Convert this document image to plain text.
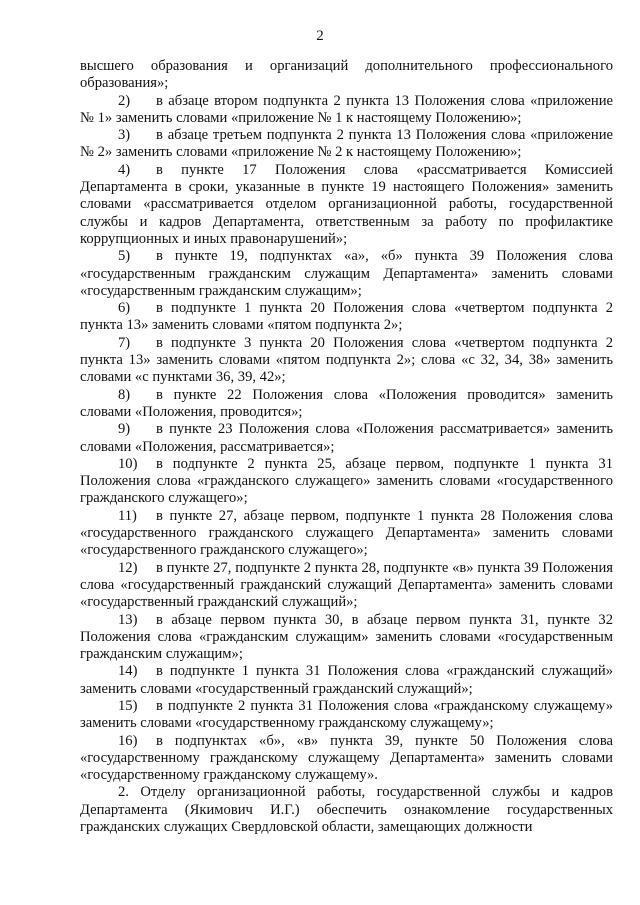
2

высшего образования и организаций дополнительного профессионального образования»;

2) в абзаце втором подпункта 2 пункта 13 Положения слова «приложение № 1» заменить словами «приложение № 1 к настоящему Положению»;

3) в абзаце третьем подпункта 2 пункта 13 Положения слова «приложение № 2» заменить словами «приложение № 2 к настоящему Положению»;

4) в пункте 17 Положения слова «рассматривается Комиссией Департамента в сроки, указанные в пункте 19 настоящего Положения» заменить словами «рассматривается отделом организационной работы, государственной службы и кадров Департамента, ответственным за работу по профилактике коррупционных и иных правонарушений»;

5) в пункте 19, подпунктах «а», «б» пункта 39 Положения слова «государственным гражданским служащим Департамента» заменить словами «государственным гражданским служащим»;

6) в подпункте 1 пункта 20 Положения слова «четвертом подпункта 2 пункта 13» заменить словами «пятом подпункта 2»;

7) в подпункте 3 пункта 20 Положения слова «четвертом подпункта 2 пункта 13» заменить словами «пятом подпункта 2»; слова «с 32, 34, 38» заменить словами «с пунктами 36, 39, 42»;

8) в пункте 22 Положения слова «Положения проводится» заменить словами «Положения, проводится»;

9) в пункте 23 Положения слова «Положения рассматривается» заменить словами «Положения, рассматривается»;

10) в подпункте 2 пункта 25, абзаце первом, подпункте 1 пункта 31 Положения слова «гражданского служащего» заменить словами «государственного гражданского служащего»;

11) в пункте 27, абзаце первом, подпункте 1 пункта 28 Положения слова «государственного гражданского служащего Департамента» заменить словами «государственного гражданского служащего»;

12) в пункте 27, подпункте 2 пункта 28, подпункте «в» пункта 39 Положения слова «государственный гражданский служащий Департамента» заменить словами «государственный гражданский служащий»;

13) в абзаце первом пункта 30, в абзаце первом пункта 31, пункте 32 Положения слова «гражданским служащим» заменить словами «государственным гражданским служащим»;

14) в подпункте 1 пункта 31 Положения слова «гражданский служащий» заменить словами «государственный гражданский служащий»;

15) в подпункте 2 пункта 31 Положения слова «гражданскому служащему» заменить словами «государственному гражданскому служащему»;

16) в подпунктах «б», «в» пункта 39, пункте 50 Положения слова «государственному гражданскому служащему Департамента» заменить словами «государственному гражданскому служащему».

2. Отделу организационной работы, государственной службы и кадров Департамента (Якимович И.Г.) обеспечить ознакомление государственных гражданских служащих Свердловской области, замещающих должности
